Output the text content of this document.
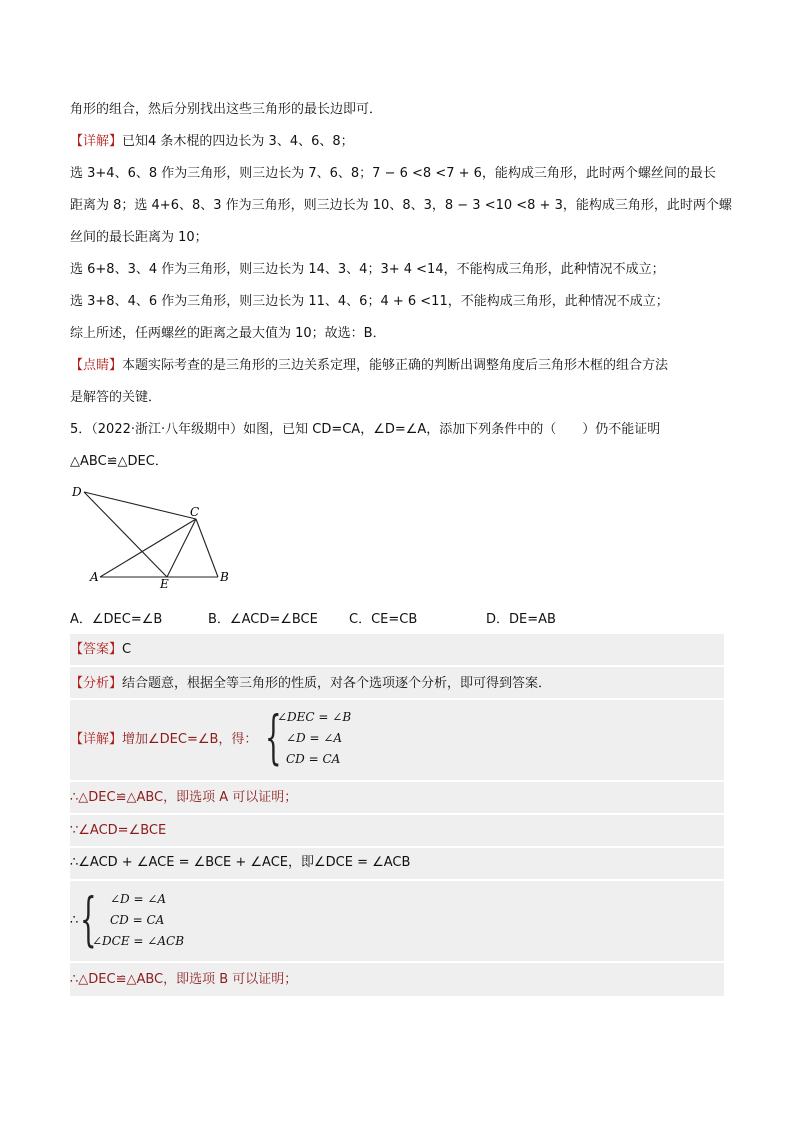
角形的组合，然后分别找出这些三角形的最长边即可．
【详解】已知4 条木棍的四边长为 3、4、6、8；
选 3+4、6、8 作为三角形，则三边长为 7、6、8；7 − 6 <8 <7 + 6，能构成三角形，此时两个螺丝间的最长
距离为 8；选 4+6、8、3 作为三角形，则三边长为 10、8、3，8 − 3 <10 <8 + 3，能构成三角形，此时两个螺
丝间的最长距离为 10；
选 6+8、3、4 作为三角形，则三边长为 14、3、4；3+ 4 <14，不能构成三角形，此种情况不成立；
选 3+8、4、6 作为三角形，则三边长为 11、4、6；4 + 6 <11，不能构成三角形，此种情况不成立；
综上所述，任两螺丝的距离之最大值为 10；故选：B．
【点睛】本题实际考查的是三角形的三边关系定理，能够正确的判断出调整角度后三角形木框的组合方法
是解答的关键．
5．（2022·浙江·八年级期中）如图，已知 CD=CA，∠D=∠A，添加下列条件中的（　　）仍不能证明
△ABC≌△DEC．
D
C
A	E	B
A．∠DEC=∠B	B．∠ACD=∠BCE C．CE=CB	D．DE=AB
【答案】C
【分析】结合题意，根据全等三角形的性质，对各个选项逐个分析，即可得到答案．
【详解】增加∠DEC=∠B，得： {
∠DEC = ∠B
∠D = ∠A
CD = CA
∴△DEC≌△ABC，即选项 A 可以证明；
∵∠ACD=∠BCE
∴∠ACD + ∠ACE = ∠BCE + ∠ACE，即∠DCE = ∠ACB
∴ {	∠D = ∠A
CD = CA
∠DCE = ∠ACB
∴△DEC≌△ABC，即选项 B 可以证明；
